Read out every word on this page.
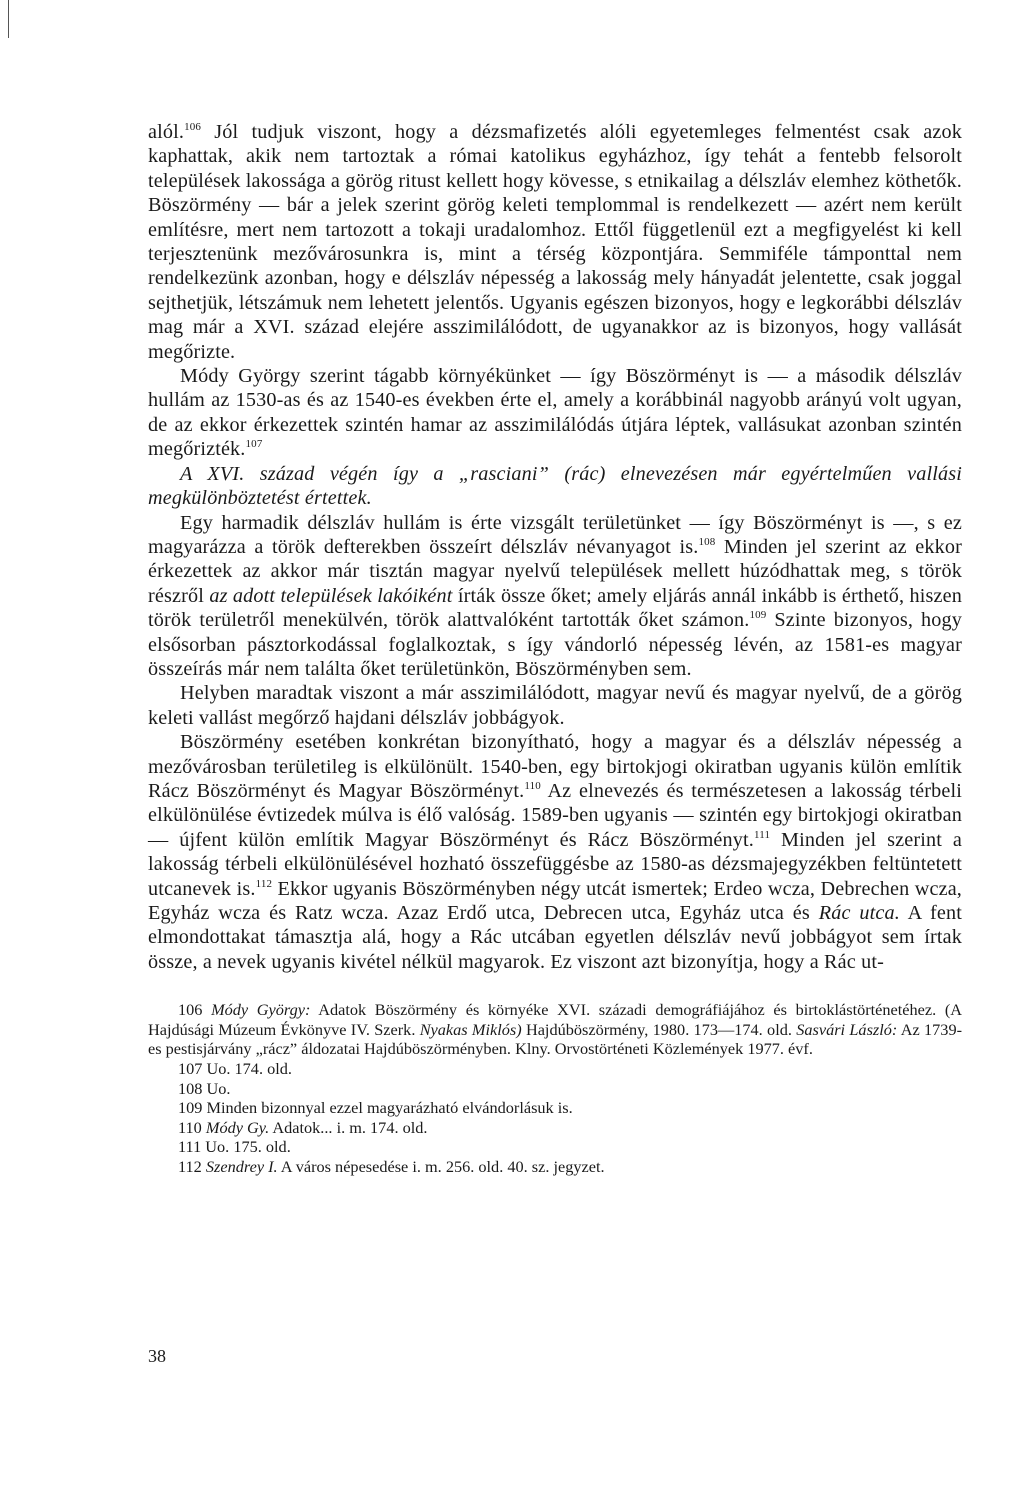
alól.$^{106}$ Jól tudjuk viszont, hogy a dézsmafizetés alóli egyetemleges felmentést csak azok kaphattak, akik nem tartoztak a római katolikus egyházhoz, így tehát a fentebb felsorolt települések lakossága a görög ritust kellett hogy kövesse, s etnikailag a délszláv elemhez köthetők. Böszörmény — bár a jelek szerint görög keleti templommal is rendelkezett — azért nem került említésre, mert nem tartozott a tokaji uradalomhoz. Ettől függetlenül ezt a megfigyelést ki kell terjesztenünk mezővárosunkra is, mint a térség központjára. Semmiféle támponttal nem rendelkezünk azonban, hogy e délszláv népesség a lakosság mely hányadát jelentette, csak joggal sejthetjük, létszámuk nem lehetett jelentős. Ugyanis egészen bizonyos, hogy e legkorábbi délszláv mag már a XVI. század elejére asszimilálódott, de ugyanakkor az is bizonyos, hogy vallását megőrizte.

Módy György szerint tágabb környékünket — így Böszörményt is — a második délszláv hullám az 1530-as és az 1540-es években érte el, amely a korábbinál nagyobb arányú volt ugyan, de az ekkor érkezettek szintén hamar az asszimilálódás útjára léptek, vallásukat azonban szintén megőrizték.$^{107}$

A XVI. század végén így a „rasciani” (rác) elnevezésen már egyértelműen vallási megkülönböztetést értettek.

Egy harmadik délszláv hullám is érte vizsgált területünket — így Böszörményt is —, s ez magyarázza a török defterekben összeírt délszláv névanyagot is.$^{108}$ Minden jel szerint az ekkor érkezettek az akkor már tisztán magyar nyelvű települések mellett húzódhattak meg, s török részről az adott települések lakóiként írták össze őket; amely eljárás annál inkább is érthető, hiszen török területről menekülvén, török alattvalóként tartották őket számon.$^{109}$ Szinte bizonyos, hogy elsősorban pásztorkodással foglalkoztak, s így vándorló népesség lévén, az 1581-es magyar összeírás már nem találta őket területünkön, Böszörményben sem.

Helyben maradtak viszont a már asszimilálódott, magyar nevű és magyar nyelvű, de a görög keleti vallást megőrző hajdani délszláv jobbágyok.

Böszörmény esetében konkrétan bizonyítható, hogy a magyar és a délszláv népesség a mezővárosban területileg is elkülönült. 1540-ben, egy birtokjogi okiratban ugyanis külön említik Rácz Böszörményt és Magyar Böszörményt.$^{110}$ Az elnevezés és természetesen a lakosság térbeli elkülönülése évtizedek múlva is élő valóság. 1589-ben ugyanis — szintén egy birtokjogi okiratban — újfent külön említik Magyar Böszörményt és Rácz Böszörményt.$^{111}$ Minden jel szerint a lakosság térbeli elkülönülésével hozható összefüggésbe az 1580-as dézsmajegyzékben feltüntetett utcanevek is.$^{112}$ Ekkor ugyanis Böszörményben négy utcát ismertek; Erdeo wcza, Debrechen wcza, Egyház wcza és Ratz wcza. Azaz Erdő utca, Debrecen utca, Egyház utca és Rác utca. A fent elmondottakat támasztja alá, hogy a Rác utcában egyetlen délszláv nevű jobbágyot sem írtak össze, a nevek ugyanis kivétel nélkül magyarok. Ez viszont azt bizonyítja, hogy a Rác ut-

106 Módy György: Adatok Böszörmény és környéke XVI. századi demográfiájához és birtoklástörténetéhez. (A Hajdúsági Múzeum Évkönyve IV. Szerk. Nyakas Miklós) Hajdúböszörmény, 1980. 173—174. old. Sasvári László: Az 1739-es pestisjárvány „rácz” áldozatai Hajdúböszörményben. Klny. Orvostörténeti Közlemények 1977. évf.

107 Uo. 174. old.

108 Uo.

109 Minden bizonnyal ezzel magyarázható elvándorlásuk is.

110 Módy Gy. Adatok... i. m. 174. old.

111 Uo. 175. old.

112 Szendrey I. A város népesedése i. m. 256. old. 40. sz. jegyzet.

38
